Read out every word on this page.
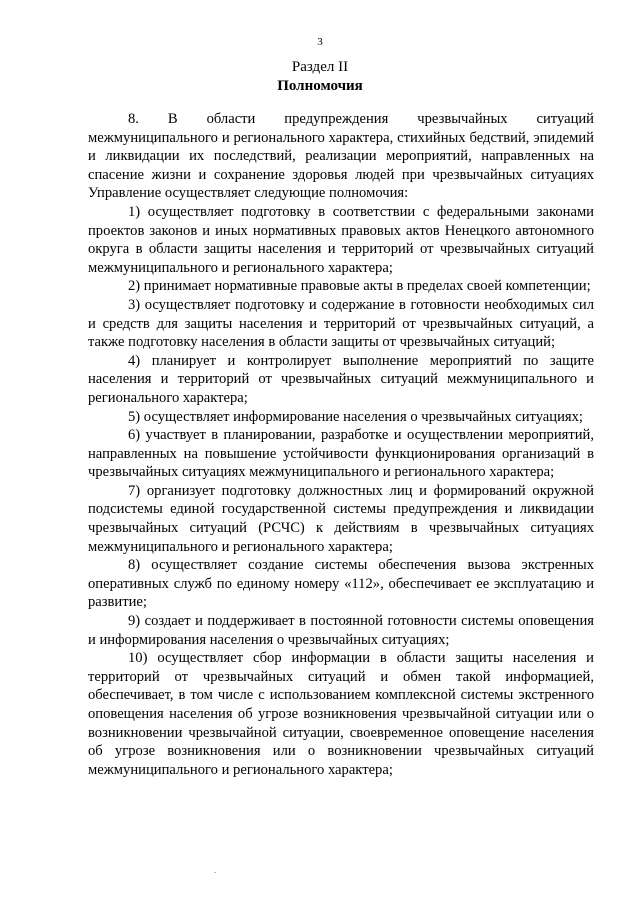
3
Раздел II
Полномочия

8. В области предупреждения чрезвычайных ситуаций межмуниципального и регионального характера, стихийных бедствий, эпидемий и ликвидации их последствий, реализации мероприятий, направленных на спасение жизни и сохранение здоровья людей при чрезвычайных ситуациях Управление осуществляет следующие полномочия:

1) осуществляет подготовку в соответствии с федеральными законами проектов законов и иных нормативных правовых актов Ненецкого автономного округа в области защиты населения и территорий от чрезвычайных ситуаций межмуниципального и регионального характера;

2) принимает нормативные правовые акты в пределах своей компетенции;

3) осуществляет подготовку и содержание в готовности необходимых сил и средств для защиты населения и территорий от чрезвычайных ситуаций, а также подготовку населения в области защиты от чрезвычайных ситуаций;

4) планирует и контролирует выполнение мероприятий по защите населения и территорий от чрезвычайных ситуаций межмуниципального и регионального характера;

5) осуществляет информирование населения о чрезвычайных ситуациях;

6) участвует в планировании, разработке и осуществлении мероприятий, направленных на повышение устойчивости функционирования организаций в чрезвычайных ситуациях межмуниципального и регионального характера;

7) организует подготовку должностных лиц и формирований окружной подсистемы единой государственной системы предупреждения и ликвидации чрезвычайных ситуаций (РСЧС) к действиям в чрезвычайных ситуациях межмуниципального и регионального характера;

8) осуществляет создание системы обеспечения вызова экстренных оперативных служб по единому номеру «112», обеспечивает ее эксплуатацию и развитие;

9) создает и поддерживает в постоянной готовности системы оповещения и информирования населения о чрезвычайных ситуациях;

10) осуществляет сбор информации в области защиты населения и территорий от чрезвычайных ситуаций и обмен такой информацией, обеспечивает, в том числе с использованием комплексной системы экстренного оповещения населения об угрозе возникновения чрезвычайной ситуации или о возникновении чрезвычайной ситуации, своевременное оповещение населения об угрозе возникновения или о возникновении чрезвычайных ситуаций межмуниципального и регионального характера;
